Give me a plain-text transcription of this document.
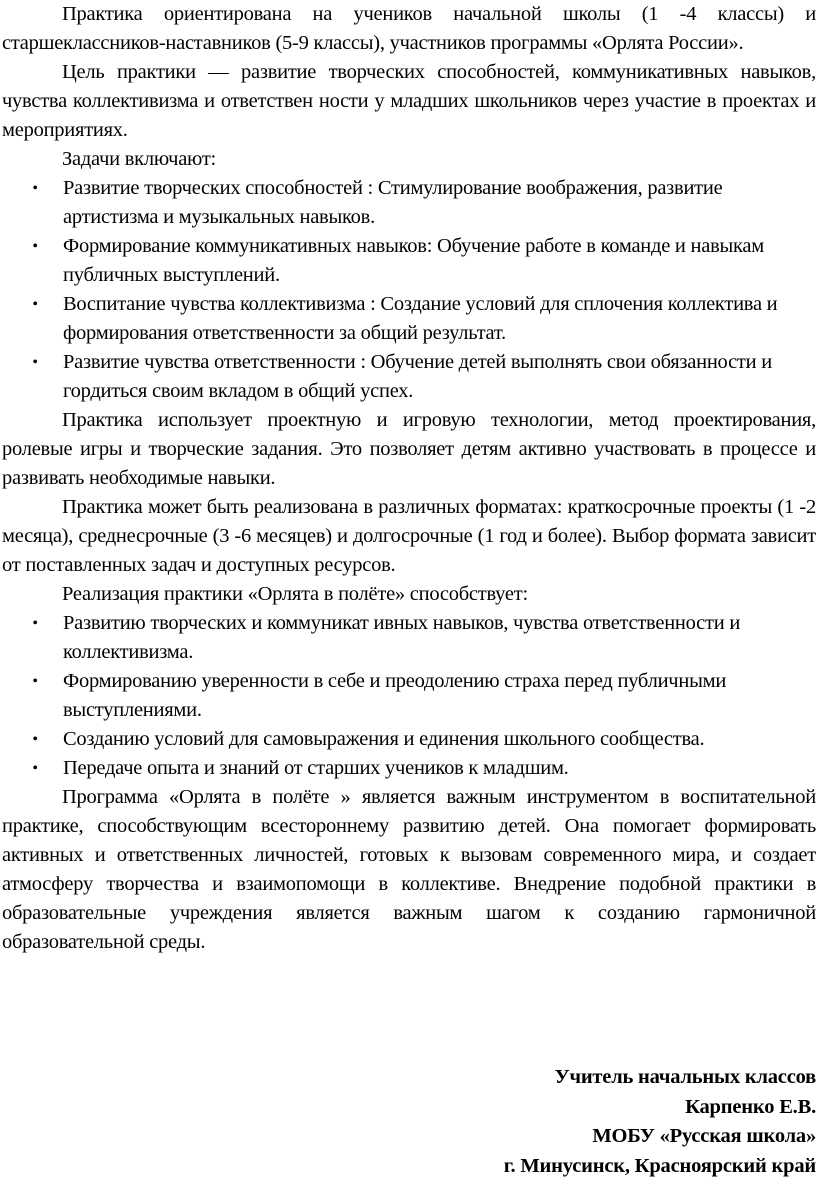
Практика ориентирована на учеников начальной школы (1 -4 классы) и старшеклассников-наставников (5-9 классы), участников программы «Орлята России».

Цель практики — развитие творческих способностей, коммуникативных навыков, чувства коллективизма и ответствен ности у младших школьников через участие в проектах и мероприятиях.

Задачи включают:

•
Развитие творческих способностей : Стимулирование воображения, развитие артистизма и музыкальных навыков.
•
Формирование коммуникативных навыков: Обучение работе в команде и навыкам публичных выступлений.
•
Воспитание чувства коллективизма : Создание условий для сплочения коллектива и формирования ответственности за общий результат.
•
Развитие чувства ответственности : Обучение детей выполнять свои обязанности и гордиться своим вкладом в общий успех.

Практика использует проектную и игровую технологии, метод проектирования, ролевые игры и творческие задания. Это позволяет детям активно участвовать в процессе и развивать необходимые навыки.

Практика может быть реализована в различных форматах: краткосрочные проекты (1 -2 месяца), среднесрочные (3 -6 месяцев) и долгосрочные (1 год и более). Выбор формата зависит от поставленных задач и доступных ресурсов.

Реализация практики «Орлята в полёте» способствует:

•
Развитию творческих и коммуникат ивных навыков, чувства ответственности и коллективизма.
•
Формированию уверенности в себе и преодолению страха перед публичными выступлениями.
•
Созданию условий для самовыражения и единения школьного сообщества.
•
Передаче опыта и знаний от старших учеников к младшим.

Программа «Орлята в полёте » является важным инструментом в воспитательной практике, способствующим всестороннему развитию детей. Она помогает формировать активных и ответственных личностей, готовых к вызовам современного мира, и создает атмосферу творчества и взаимопомощи в коллективе. Внедрение подобной практики в образовательные учреждения является важным шагом к созданию гармоничной образовательной среды.

Учитель начальных классов
Карпенко Е.В.
МОБУ «Русская школа»
г. Минусинск, Красноярский край
